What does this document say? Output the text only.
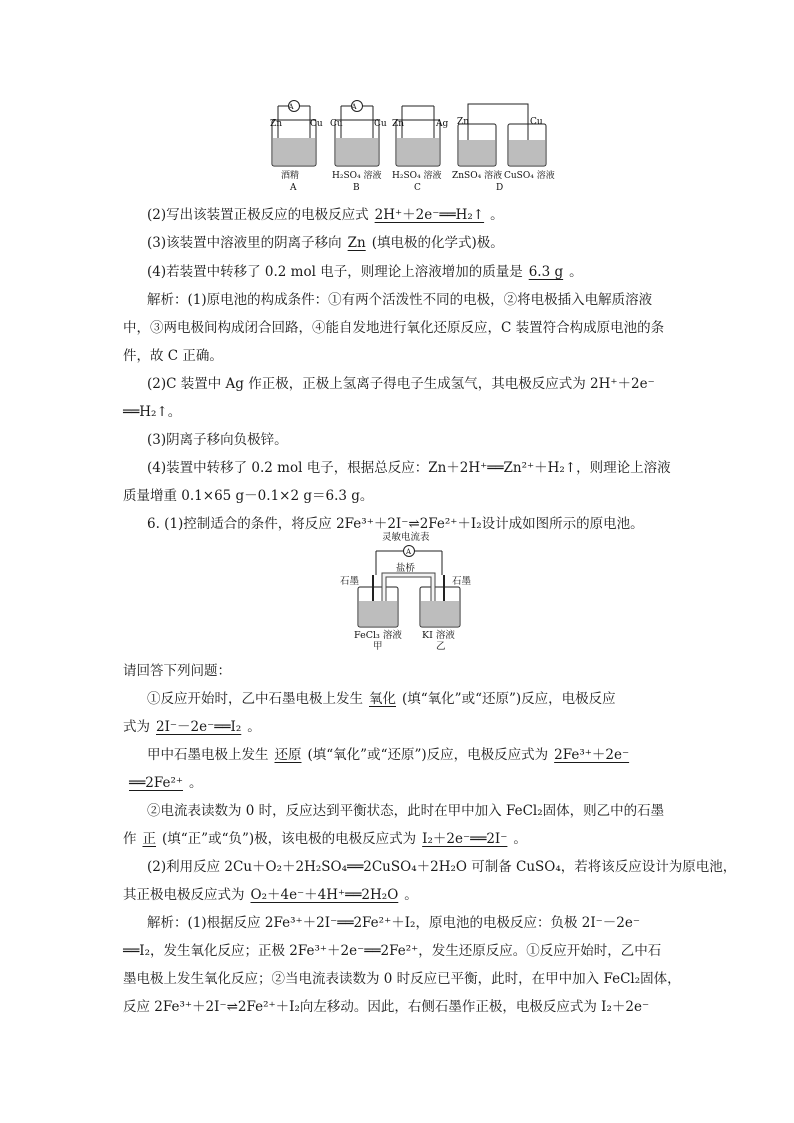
A	A
Zn	Cu Cu	Cu Zn	Ag Zn	Cu
酒精
A
H₂SO₄ 溶液
B
H₂SO₄ 溶液
C
ZnSO₄ 溶液 CuSO₄ 溶液
D
(2)写出该装置正极反应的电极反应式 2H⁺＋2e⁻══H₂↑ 。
(3)该装置中溶液里的阴离子移向 Zn (填电极的化学式)极。
(4)若装置中转移了 0.2 mol 电子，则理论上溶液增加的质量是 6.3 g 。
解析：(1)原电池的构成条件：①有两个活泼性不同的电极，②将电极插入电解质溶液
中，③两电极间构成闭合回路，④能自发地进行氧化还原反应，C 装置符合构成原电池的条
件，故 C 正确。
(2)C 装置中 Ag 作正极，正极上氢离子得电子生成氢气，其电极反应式为 2H⁺＋2e⁻
══H₂↑。
(3)阴离子移向负极锌。
(4)装置中转移了 0.2 mol 电子，根据总反应：Zn＋2H⁺══Zn²⁺＋H₂↑，则理论上溶液
质量增重 0.1×65 g－0.1×2 g＝6.3 g。
6. (1)控制适合的条件，将反应 2Fe³⁺＋2I⁻⇌2Fe²⁺＋I₂设计成如图所示的原电池。
灵敏电流表
A
盐桥
石墨	石墨
FeCl₃ 溶液
甲
KI 溶液
乙
请回答下列问题：
①反应开始时，乙中石墨电极上发生 氧化 (填“氧化”或“还原”)反应，电极反应
式为 2I⁻－2e⁻══I₂ 。
甲中石墨电极上发生 还原 (填“氧化”或“还原”)反应，电极反应式为 2Fe³⁺＋2e⁻
══2Fe²⁺ 。
②电流表读数为 0 时，反应达到平衡状态，此时在甲中加入 FeCl₂固体，则乙中的石墨
作 正 (填“正”或“负”)极，该电极的电极反应式为 I₂＋2e⁻══2I⁻ 。
(2)利用反应 2Cu＋O₂＋2H₂SO₄══2CuSO₄＋2H₂O 可制备 CuSO₄，若将该反应设计为原电池，
其正极电极反应式为 O₂＋4e⁻＋4H⁺══2H₂O 。
解析：(1)根据反应 2Fe³⁺＋2I⁻══2Fe²⁺＋I₂，原电池的电极反应：负极 2I⁻－2e⁻
══I₂，发生氧化反应；正极 2Fe³⁺＋2e⁻══2Fe²⁺，发生还原反应。①反应开始时，乙中石
墨电极上发生氧化反应；②当电流表读数为 0 时反应已平衡，此时，在甲中加入 FeCl₂固体，
反应 2Fe³⁺＋2I⁻⇌2Fe²⁺＋I₂向左移动。因此，右侧石墨作正极，电极反应式为 I₂＋2e⁻
